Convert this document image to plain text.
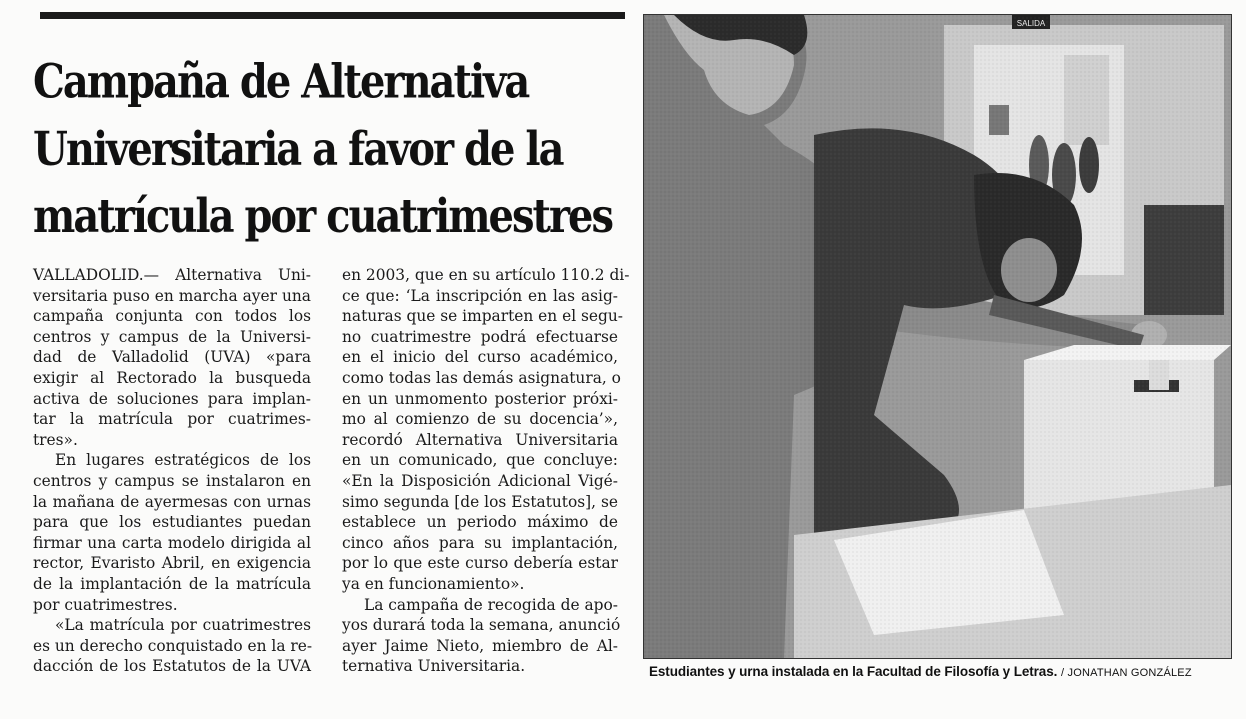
Campaña de Alternativa
Universitaria a favor de la
matrícula por cuatrimestres
VALLADOLID.— Alternativa Uni-
versitaria puso en marcha ayer una
campaña conjunta con todos los
centros y campus de la Universi-
dad de Valladolid (UVA) «para
exigir al Rectorado la busqueda
activa de soluciones para implan-
tar la matrícula por cuatrimes-
tres».
En lugares estratégicos de los
centros y campus se instalaron en
la mañana de ayermesas con urnas
para que los estudiantes puedan
firmar una carta modelo dirigida al
rector, Evaristo Abril, en exigencia
de la implantación de la matrícula
por cuatrimestres.
«La matrícula por cuatrimestres
es un derecho conquistado en la re-
dacción de los Estatutos de la UVA
en 2003, que en su artículo 110.2 di-
ce que: ‘La inscripción en las asig-
naturas que se imparten en el segu-
no cuatrimestre podrá efectuarse
en el inicio del curso académico,
como todas las demás asignatura, o
en un unmomento posterior próxi-
mo al comienzo de su docencia’»,
recordó Alternativa Universitaria
en un comunicado, que concluye:
«En la Disposición Adicional Vigé-
simo segunda [de los Estatutos], se
establece un periodo máximo de
cinco años para su implantación,
por lo que este curso debería estar
ya en funcionamiento».
La campaña de recogida de apo-
yos durará toda la semana, anunció
ayer Jaime Nieto, miembro de Al-
ternativa Universitaria.	Estudiantes y urna instalada en la Facultad de Filosofía y Letras. / JONATHAN GONZÁLEZ
